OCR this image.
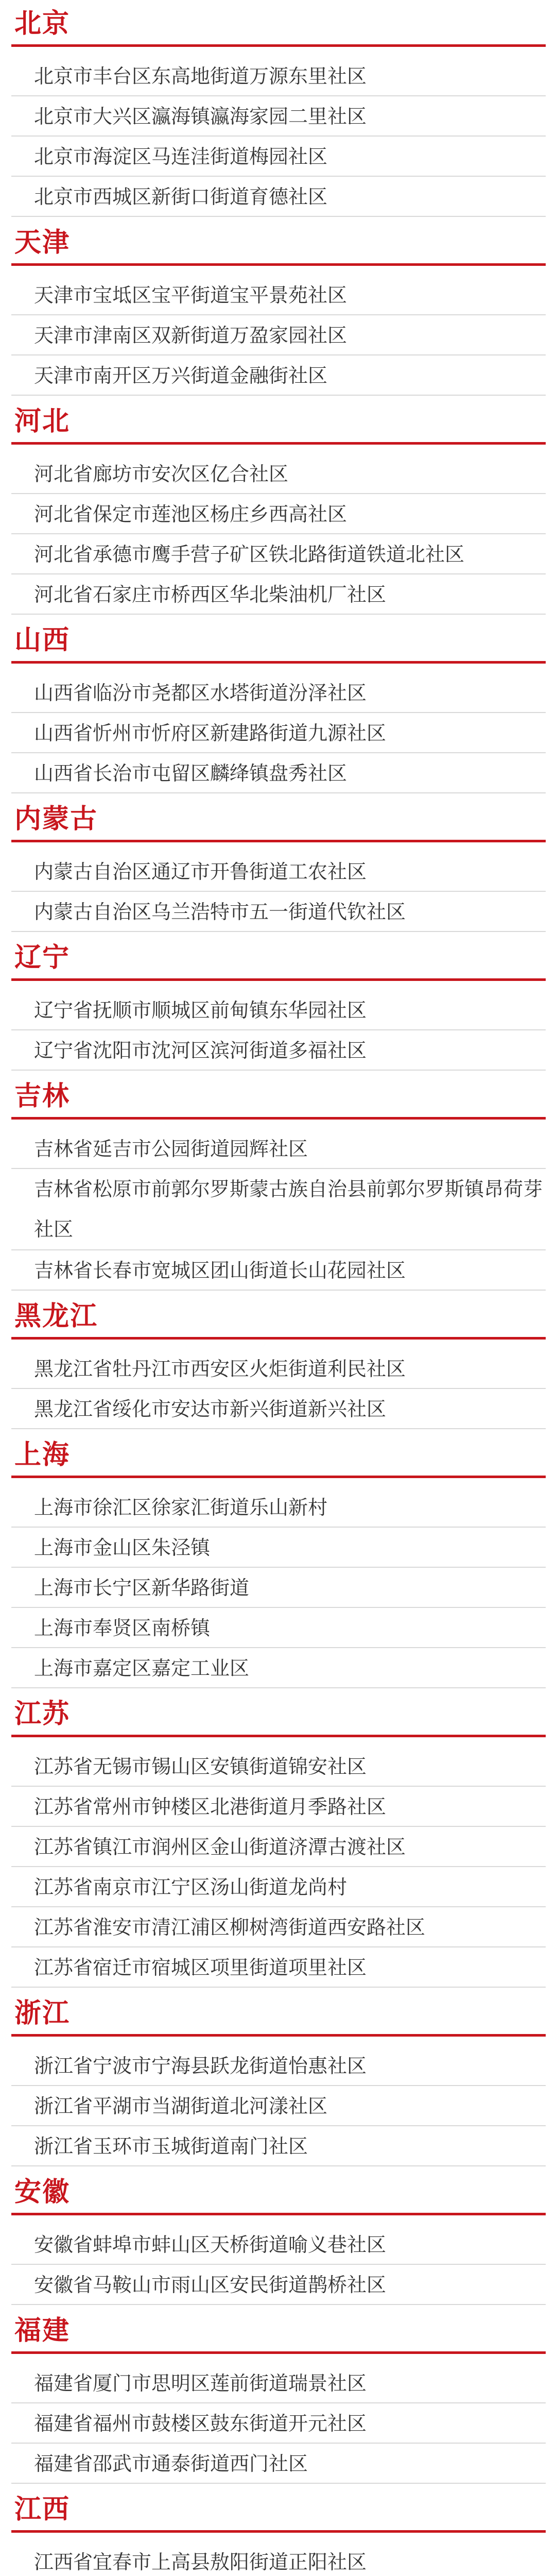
北京
北京市丰台区东高地街道万源东里社区
北京市大兴区瀛海镇瀛海家园二里社区
北京市海淀区马连洼街道梅园社区
北京市西城区新街口街道育德社区
天津
天津市宝坻区宝平街道宝平景苑社区
天津市津南区双新街道万盈家园社区
天津市南开区万兴街道金融街社区
河北
河北省廊坊市安次区亿合社区
河北省保定市莲池区杨庄乡西高社区
河北省承德市鹰手营子矿区铁北路街道铁道北社区
河北省石家庄市桥西区华北柴油机厂社区
山西
山西省临汾市尧都区水塔街道汾泽社区
山西省忻州市忻府区新建路街道九源社区
山西省长治市屯留区麟绛镇盘秀社区
内蒙古
内蒙古自治区通辽市开鲁街道工农社区
内蒙古自治区乌兰浩特市五一街道代钦社区
辽宁
辽宁省抚顺市顺城区前甸镇东华园社区
辽宁省沈阳市沈河区滨河街道多福社区
吉林
吉林省延吉市公园街道园辉社区
吉林省松原市前郭尔罗斯蒙古族自治县前郭尔罗斯镇昂荷芽社区
吉林省长春市宽城区团山街道长山花园社区
黑龙江
黑龙江省牡丹江市西安区火炬街道利民社区
黑龙江省绥化市安达市新兴街道新兴社区
上海
上海市徐汇区徐家汇街道乐山新村
上海市金山区朱泾镇
上海市长宁区新华路街道
上海市奉贤区南桥镇
上海市嘉定区嘉定工业区
江苏
江苏省无锡市锡山区安镇街道锦安社区
江苏省常州市钟楼区北港街道月季路社区
江苏省镇江市润州区金山街道济潭古渡社区
江苏省南京市江宁区汤山街道龙尚村
江苏省淮安市清江浦区柳树湾街道西安路社区
江苏省宿迁市宿城区项里街道项里社区
浙江
浙江省宁波市宁海县跃龙街道怡惠社区
浙江省平湖市当湖街道北河漾社区
浙江省玉环市玉城街道南门社区
安徽
安徽省蚌埠市蚌山区天桥街道喻义巷社区
安徽省马鞍山市雨山区安民街道鹊桥社区
福建
福建省厦门市思明区莲前街道瑞景社区
福建省福州市鼓楼区鼓东街道开元社区
福建省邵武市通泰街道西门社区
江西
江西省宜春市上高县敖阳街道正阳社区
